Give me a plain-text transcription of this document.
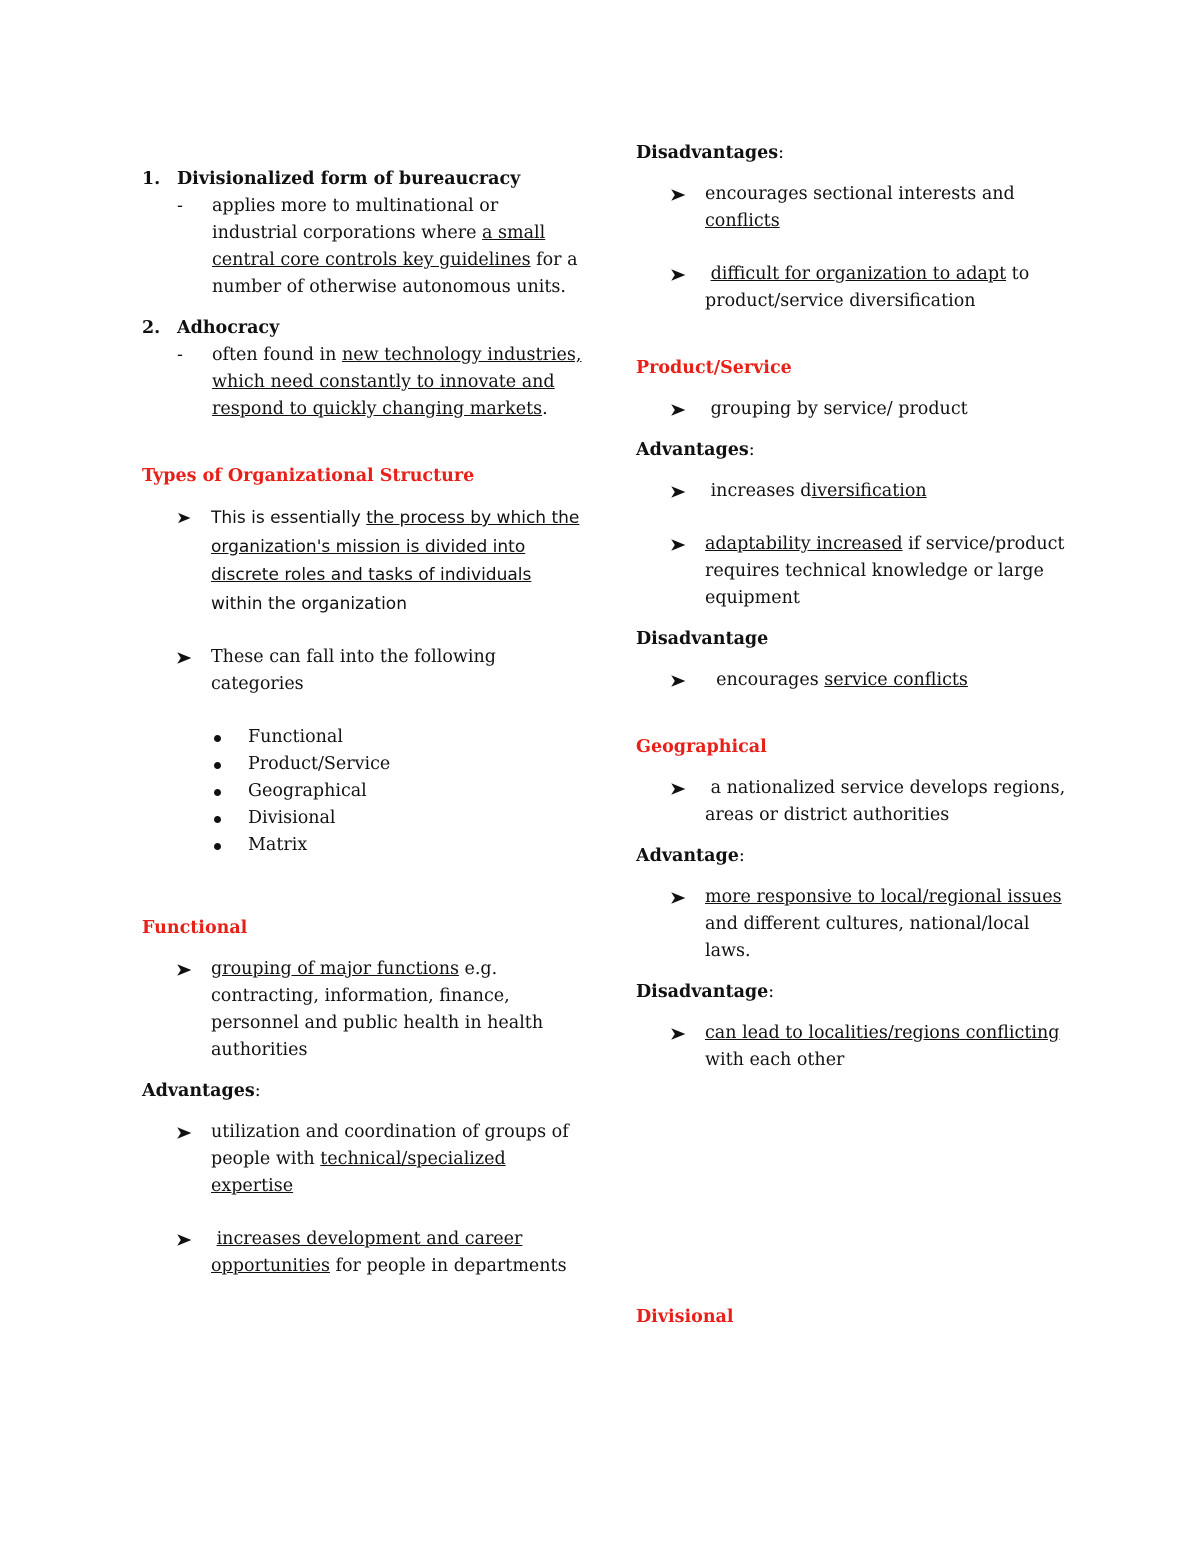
1. Divisionalized form of bureaucracy
-	applies more to multinational or industrial corporations where a small central core controls key guidelines for a number of otherwise autonomous units.
2. Adhocracy
-	often found in new technology industries, which need constantly to innovate and respond to quickly changing markets.
Types of Organizational Structure
➤	This is essentially the process by which the organization's mission is divided into discrete roles and tasks of individuals within the organization
➤	These can fall into the following categories
Functional
Product/Service
Geographical
Divisional
Matrix
Functional
➤	grouping of major functions e.g. contracting, information, finance, personnel and public health in health authorities
Advantages:
➤	utilization and coordination of groups of people with technical/specialized expertise
➤	increases development and career opportunities for people in departments
Disadvantages:
➤	encourages sectional interests and conflicts
➤	difficult for organization to adapt to product/service diversification
Product/Service
➤	grouping by service/ product
Advantages:
➤	increases diversification
➤	adaptability increased if service/product requires technical knowledge or large equipment
Disadvantage
➤	encourages service conflicts
Geographical
➤	a nationalized service develops regions, areas or district authorities
Advantage:
➤	more responsive to local/regional issues and different cultures, national/local laws.
Disadvantage:
➤	can lead to localities/regions conflicting with each other
Divisional
